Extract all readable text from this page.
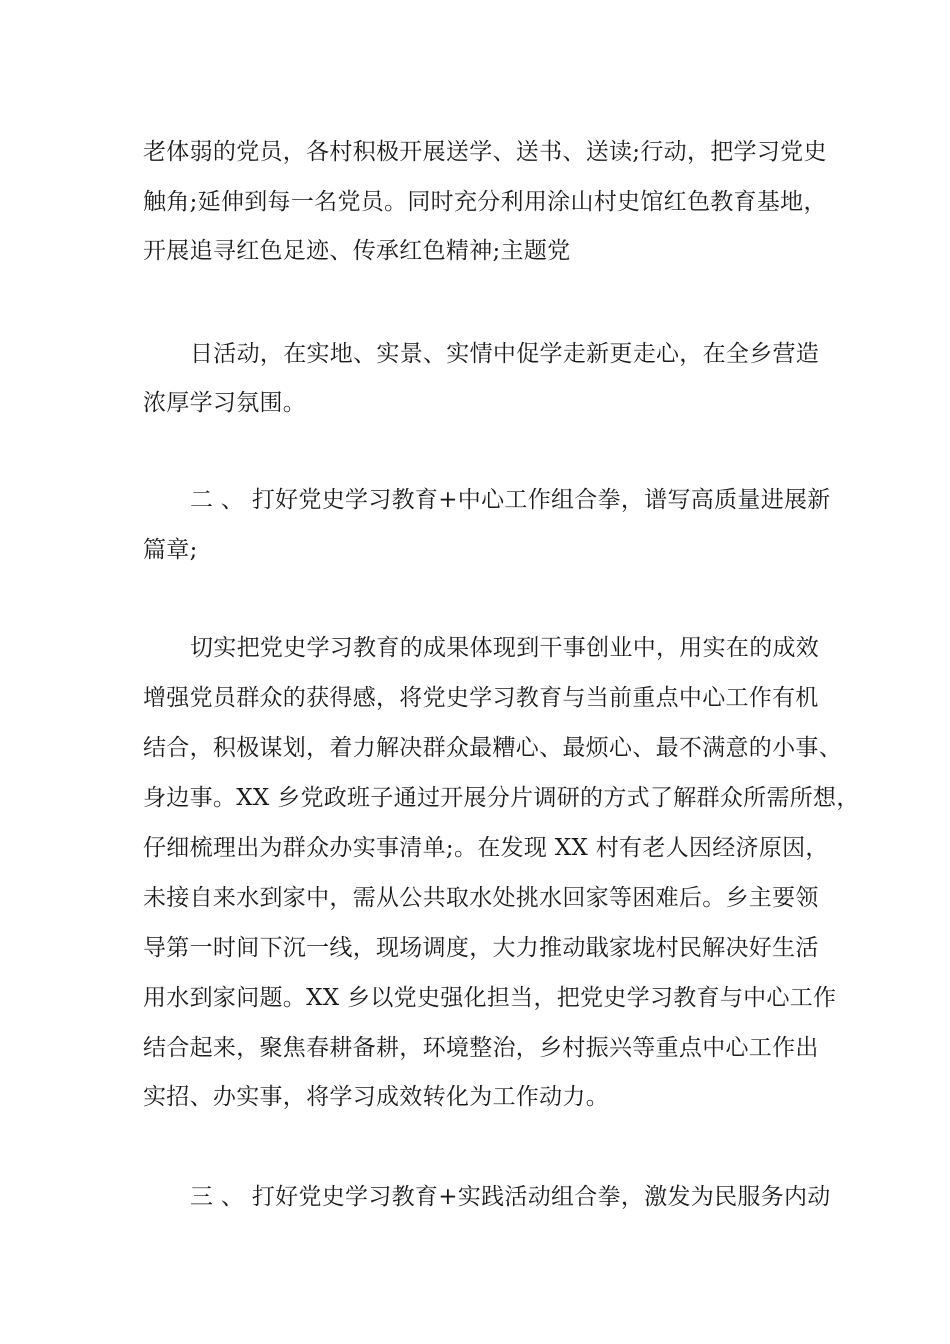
老体弱的党员，各村积极开展送学、送书、送读;行动，把学习党史
触角;延伸到每一名党员。同时充分利用涂山村史馆红色教育基地，
开展追寻红色足迹、传承红色精神;主题党
日活动，在实地、实景、实情中促学走新更走心，在全乡营造
浓厚学习氛围。
二 、 打好党史学习教育+中心工作组合拳，谱写高质量进展新
篇章;
切实把党史学习教育的成果体现到干事创业中，用实在的成效
增强党员群众的获得感，将党史学习教育与当前重点中心工作有机
结合，积极谋划，着力解决群众最糟心、最烦心、最不满意的小事、
身边事。XX 乡党政班子通过开展分片调研的方式了解群众所需所想，
仔细梳理出为群众办实事清单;。在发现 XX 村有老人因经济原因，
未接自来水到家中，需从公共取水处挑水回家等困难后。乡主要领
导第一时间下沉一线，现场调度，大力推动戢家垅村民解决好生活
用水到家问题。XX 乡以党史强化担当，把党史学习教育与中心工作
结合起来，聚焦春耕备耕，环境整治，乡村振兴等重点中心工作出
实招、办实事，将学习成效转化为工作动力。
三 、 打好党史学习教育+实践活动组合拳，激发为民服务内动
